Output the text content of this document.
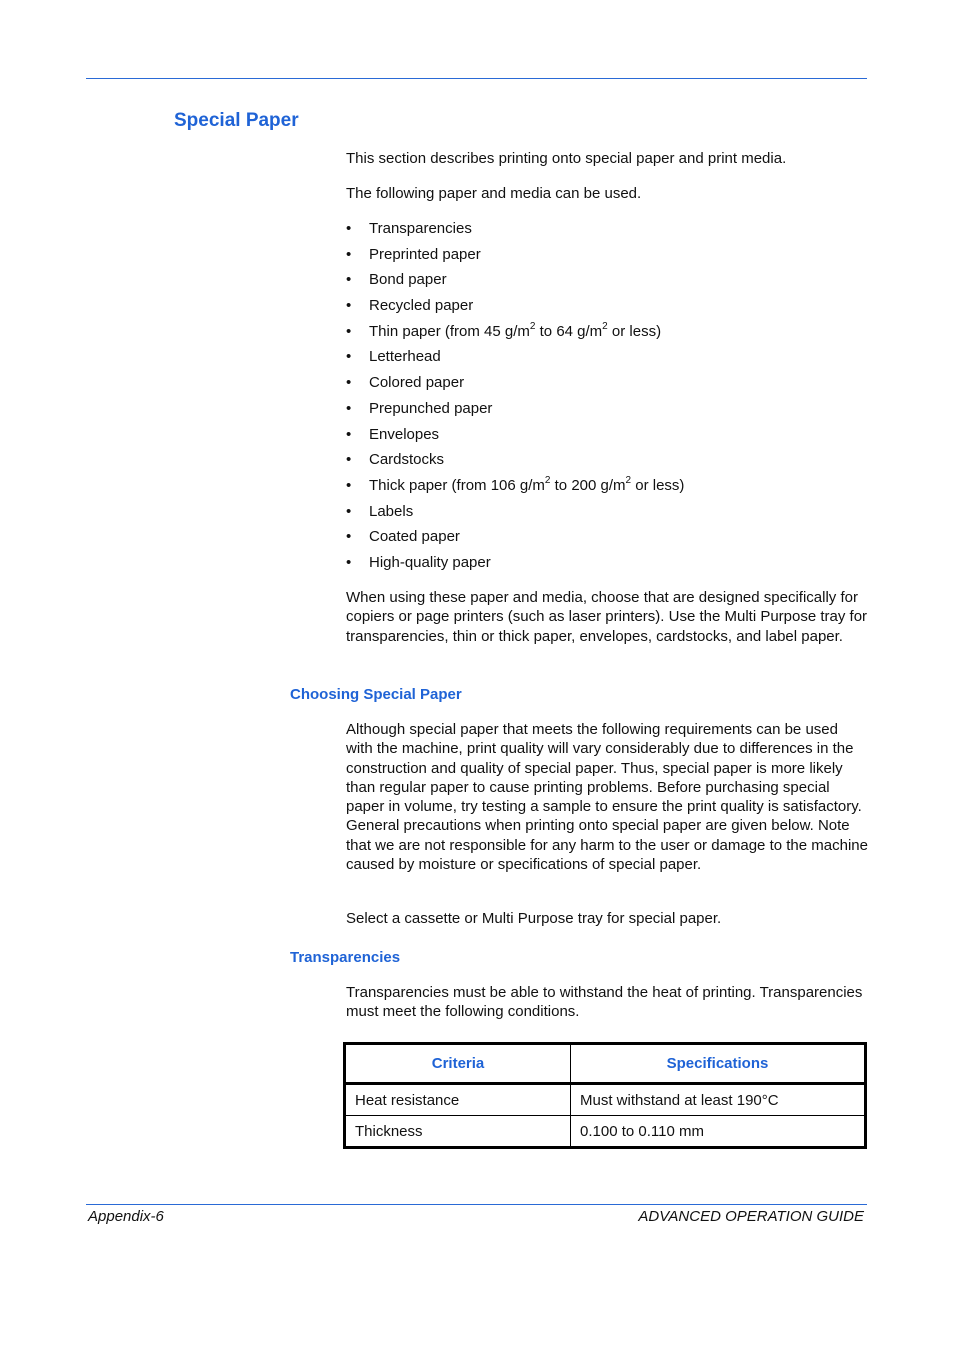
Special Paper
This section describes printing onto special paper and print media.
The following paper and media can be used.
• Transparencies
• Preprinted paper
• Bond paper
• Recycled paper
• Thin paper (from 45 $g/m^2$ to 64 $g/m^2$ or less)
• Letterhead
• Colored paper
• Prepunched paper
• Envelopes
• Cardstocks
• Thick paper (from 106 $g/m^2$ to 200 $g/m^2$ or less)
• Labels
• Coated paper
• High-quality paper
When using these paper and media, choose that are designed specifically for copiers or page printers (such as laser printers). Use the Multi Purpose tray for transparencies, thin or thick paper, envelopes, cardstocks, and label paper.
Choosing Special Paper
Although special paper that meets the following requirements can be used with the machine, print quality will vary considerably due to differences in the construction and quality of special paper. Thus, special paper is more likely than regular paper to cause printing problems. Before purchasing special paper in volume, try testing a sample to ensure the print quality is satisfactory. General precautions when printing onto special paper are given below. Note that we are not responsible for any harm to the user or damage to the machine caused by moisture or specifications of special paper.
Select a cassette or Multi Purpose tray for special paper.
Transparencies
Transparencies must be able to withstand the heat of printing. Transparencies must meet the following conditions.
Criteria	Specifications
Heat resistance	Must withstand at least 190°C
Thickness	0.100 to 0.110 mm
Appendix-6	ADVANCED OPERATION GUIDE
